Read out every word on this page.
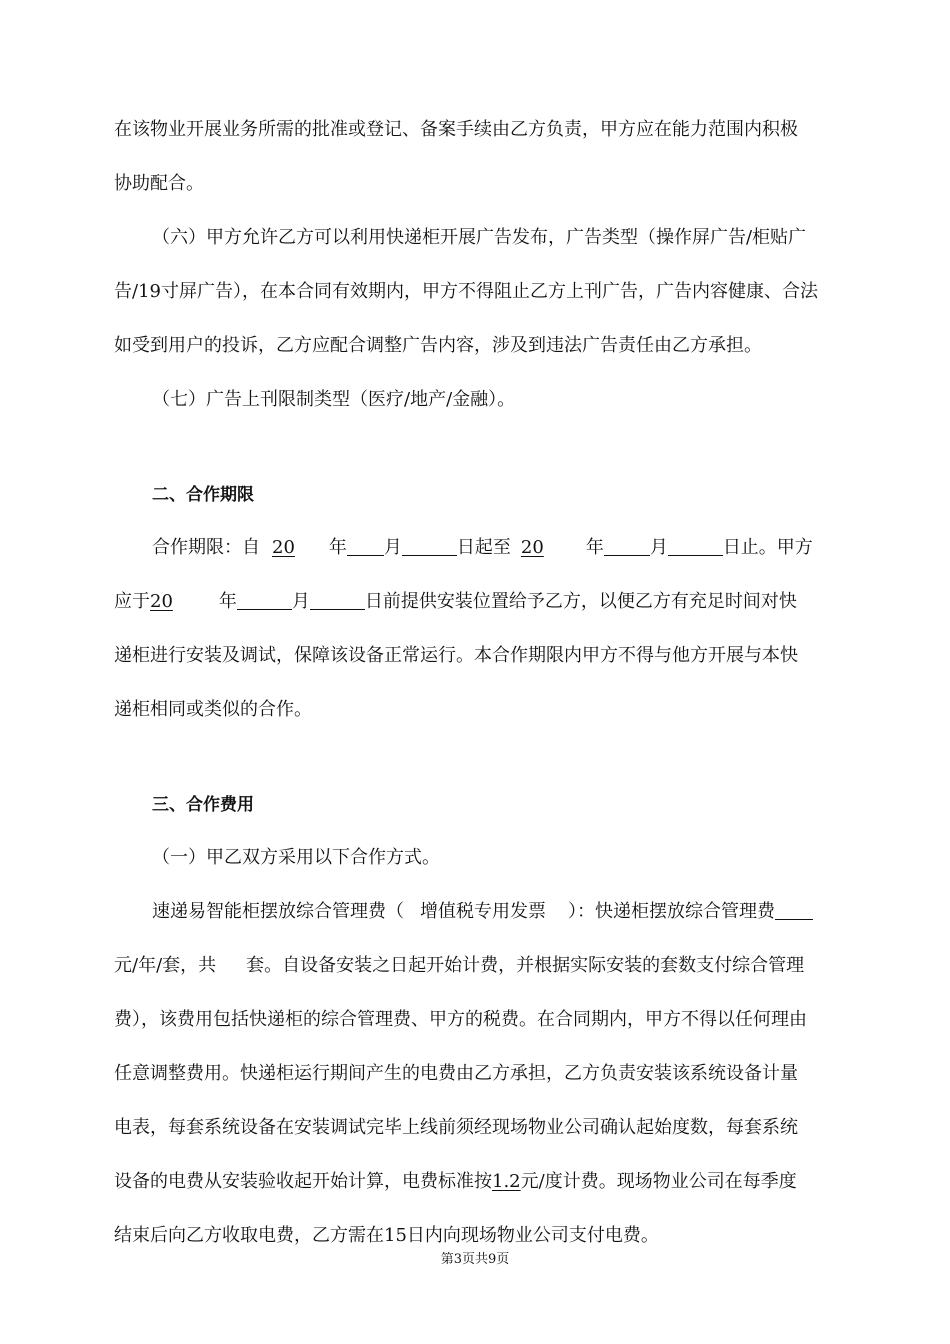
在该物业开展业务所需的批准或登记、备案手续由乙方负责，甲方应在能力范围内积极
协助配合。
（六）甲方允许乙方可以利用快递柜开展广告发布，广告类型（操作屏广告/柜贴广
告/19寸屏广告），在本合同有效期内，甲方不得阻止乙方上刊广告，广告内容健康、合法
如受到用户的投诉，乙方应配合调整广告内容，涉及到违法广告责任由乙方承担。
（七）广告上刊限制类型（医疗/地产/金融）。
二、合作期限
合作期限：自 20 年 月	日起至 20 年	月	日止。甲方
应于20	年	月	日前提供安装位置给予乙方，以便乙方有充足时间对快
递柜进行安装及调试，保障该设备正常运行。本合作期限内甲方不得与他方开展与本快
递柜相同或类似的合作。
三、合作费用
（一）甲乙双方采用以下合作方式。
速递易智能柜摆放综合管理费（ 增值税专用发票 ）：快递柜摆放综合管理费
元/年/套，共 套。自设备安装之日起开始计费，并根据实际安装的套数支付综合管理
费），该费用包括快递柜的综合管理费、甲方的税费。在合同期内，甲方不得以任何理由
任意调整费用。快递柜运行期间产生的电费由乙方承担，乙方负责安装该系统设备计量
电表，每套系统设备在安装调试完毕上线前须经现场物业公司确认起始度数，每套系统
设备的电费从安装验收起开始计算，电费标准按1.2元/度计费。现场物业公司在每季度
结束后向乙方收取电费，乙方需在15日内向现场物业公司支付电费。
第3页共9页
